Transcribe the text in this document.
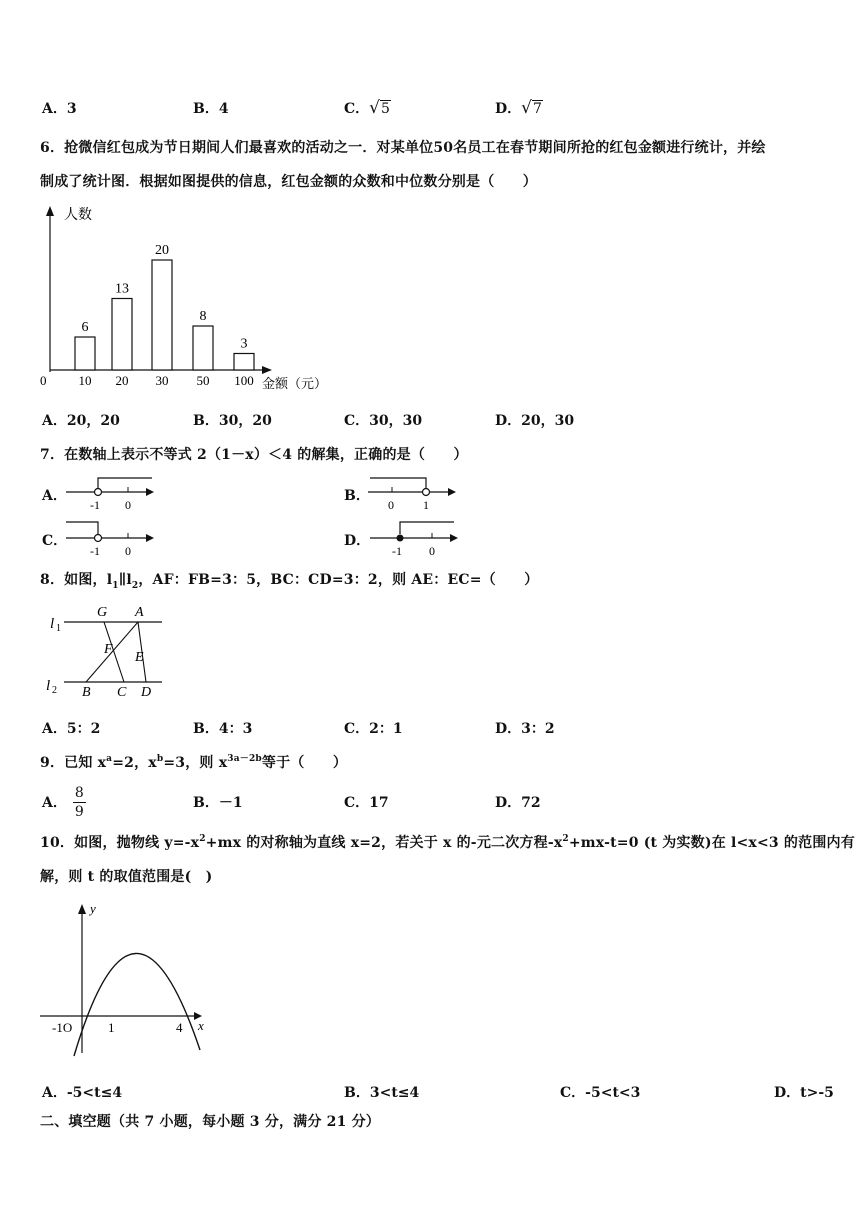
A．3	B．4	C．√5	D．√7
6．抢微信红包成为节日期间人们最喜欢的活动之一．对某单位50名员工在春节期间所抢的红包金额进行统计，并绘
制成了统计图．根据如图提供的信息，红包金额的众数和中位数分别是（　　）
人数
0	金额（元）
6
10
13
20
20
30
8
50
3
100
A．20，20	B．30，20	C．30，30	D．20，30
7．在数轴上表示不等式 2（1－x）＜4 的解集，正确的是（　　）
A．
-1 0
B．
0 1
C．
-1 0
D．
-1 0
8．如图，$l_1\parallel l_2$，AF：FB=3：5，BC：CD=3：2，则 AE：EC=（　　）
l 1
l 2
G A
F
E
B C D
A．5：2	B．4：3	C．2：1	D．3：2
9．已知 $x^a=2$，$x^b=3$，则 $x^{3a-2b}$等于（　　）
A． $\frac{8}{9}$	B．－1	C．17	D．72
10．如图，抛物线 $y=-x^2+mx$ 的对称轴为直线 x=2，若关于 x 的-元二次方程$-x^2+mx-t=0$ (t 为实数)在 l<x<3 的范围内有
解，则 t 的取值范围是(　)
y
x
-1O	1	4
A．-5<t≤4	B．3<t≤4	C．-5<t<3	D．t>-5
二、填空题（共 7 小题，每小题 3 分，满分 21 分）
